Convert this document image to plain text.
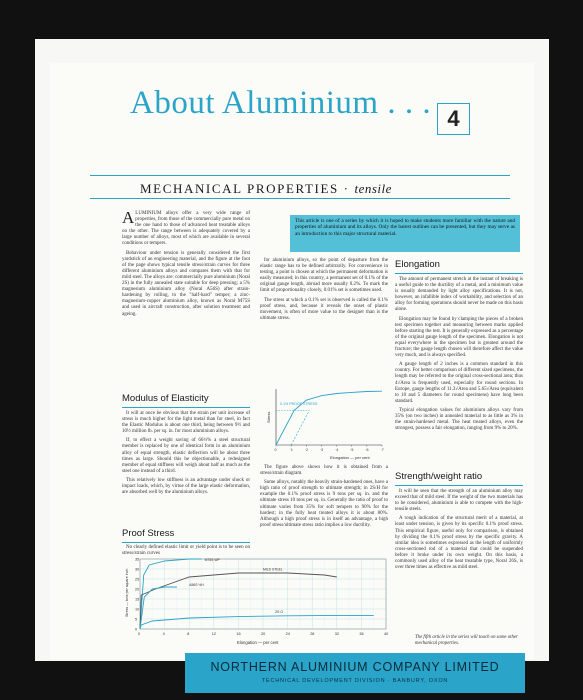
About Aluminium . . . 4
MECHANICAL PROPERTIES · tensile

ALUMINIUM alloys offer a very wide range of properties, from those of the commercially pure metal on the one hand to those of advanced heat treatable alloys on the other. The range between is adequately covered by a large number of alloys, most of which are available in several conditions or tempers.

Behaviour under tension is generally considered the first yardstick of an engineering material, and the figure at the foot of the page shows typical tensile stress/strain curves for three different aluminium alloys and compares them with that for mild steel. The alloys are: commercially pure aluminium (Noral 2S) in the fully annealed state suitable for deep pressing; a 5% magnesium aluminium alloy (Noral A56S) after strain-hardening by rolling, to the "half-hard" temper; a zinc-magnesium-copper aluminium alloy, known as Noral M75S and used in aircraft construction, after solution treatment and ageing.

Modulus of Elasticity

It will at once be obvious that the strain per unit increase of stress is much higher for the light metal than for steel, in fact the Elastic Modulus is about one third, being between 9½ and 10½ million lb. per sq. in. for most aluminium alloys.

If, to effect a weight saving of 66⅔% a steel structural member is replaced by one of identical form in an aluminium alloy of equal strength, elastic deflection will be about three times as large. Should this be objectionable, a redesigned member of equal stiffness will weigh about half as much as the steel one instead of a third.

This relatively low stiffness is an advantage under shock or impact loads, which, by virtue of the large elastic deformation, are absorbed well by the aluminium alloys.

Proof Stress

No clearly defined elastic limit or yield point is to be seen on stress/strain curves

This article is one of a series by which it is hoped to make students more familiar with the nature and properties of aluminium and its alloys. Only the barest outlines can be presented, but they may serve as an introduction to this major structural material.

for aluminium alloys, so the point of departure from the elastic range has to be defined arbitrarily. For convenience in testing, a point is chosen at which the permanent deformation is easily measured; in this country, a permanent set of 0.1% of the original gauge length, abroad more usually 0.2%. To mark the limit of proportionality closely, 0.01% set is sometimes used.

The stress at which a 0.1% set is observed is called the 0.1% proof stress, and, because it reveals the onset of plastic movement, is often of more value to the designer than is the ultimate stress.

0	·1	·2	·3	·4	·5	·6	·7
0.1% PROOF STRESS
Stress
Elongation — per cent

The figure above shows how it is obtained from a stress/strain diagram.

Some alloys, notably the heavily strain-hardened ones, have a high ratio of proof strength to ultimate strength; in 2S/H for example the 0.1% proof stress is 9 tons per sq. in. and the ultimate stress 10 tons per sq. in. Generally the ratio of proof to ultimate varies from 35% for soft tempers to 90% for the hardest; in the fully heat treated alloys it is about 80%. Although a high proof stress is in itself an advantage, a high proof stress/ultimate stress ratio implies a low ductility.

Elongation

The amount of permanent stretch at the instant of breaking is a useful guide to the ductility of a metal, and a minimum value is usually demanded by light alloy specifications. It is not, however, an infallible index of workability, and selection of an alloy for forming operations should never be made on this basis alone.

Elongation may be found by clamping the pieces of a broken test specimen together and measuring between marks applied before starting the test. It is generally expressed as a percentage of the original gauge length of the specimen. Elongation is not equal everywhere in the specimen but is greatest around the fracture; the gauge length chosen will therefore affect the value very much, and is always specified.

A gauge length of 2 inches is a common standard in this country. For better comparison of different sized specimens, the length may be referred to the original cross-sectional area; thus 4√Area is frequently used, especially for round sections. In Europe, gauge lengths of 11.3√Area and 5.65√Area (equivalent to 10 and 5 diameters for round specimens) have long been standard.

Typical elongation values for aluminium alloys vary from 35% (on two inches) in annealed material to as little as 3% in the strain-hardened metal. The heat treated alloys, even the strongest, possess a fair elongation, ranging from 9% to 20%.

Strength/weight ratio

It will be seen that the strength of an aluminium alloy may exceed that of mild steel. If the weight of the two materials has to be considered, aluminium is able to compete with the high-tensile steels.

A rough indication of the structural merit of a material, at least under tension, is given by its specific 0.1% proof stress. This empirical figure, useful only for comparison, is obtained by dividing the 0.1% proof stress by the specific gravity. A similar idea is sometimes expressed as the length of uniformly cross-sectioned rod of a material that could be suspended before it broke under its own weight. On this basis, a commonly used alloy of the heat treatable type, Noral 26S, is over three times as effective as mild steel.

The fifth article in the series will touch on some other mechanical properties.
0	4	8	12	16	20	24	28	32	36	40
0
5
10
15
20
25
30
35	M75S WP
MILD STEEL
A56S ½H
2S O
Stress — tons per square inch
Elongation — per cent
NORTHERN ALUMINIUM COMPANY LIMITED
TECHNICAL DEVELOPMENT DIVISION · BANBURY, OXON
